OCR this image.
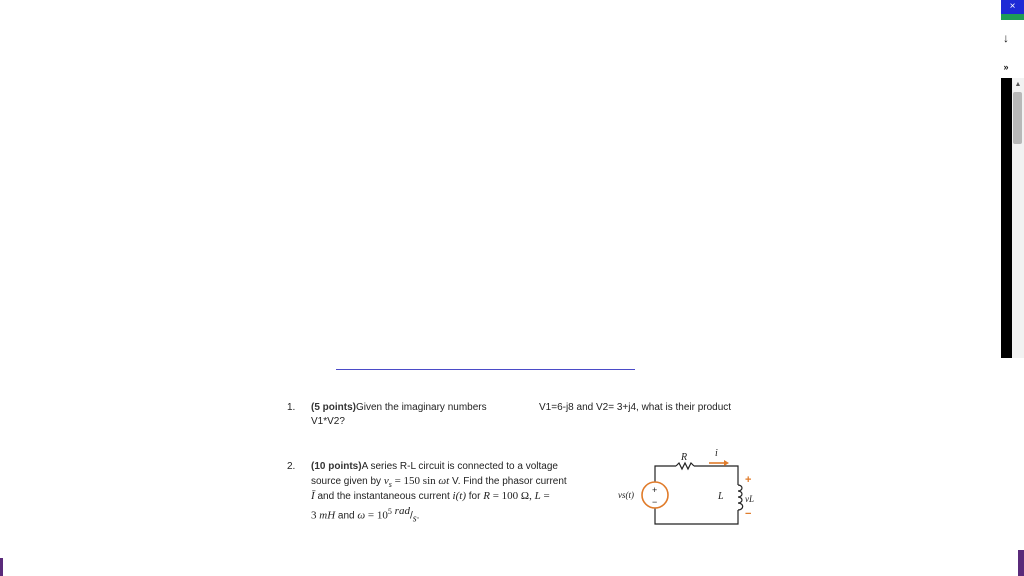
×
↓
»
▲
1. (5 points)Given the imaginary numbers	V1=6-j8 and V2= 3+j4, what is their product
V1*V2?
2. (10 points)A series R-L circuit is connected to a voltage
source given by $v_s = 150$ sin ωt V. Find the phasor current
Ī and the instantaneous current i(t) for R = 100 Ω, L =
3 mH and $\omega = 10^5$ $^{rad}/_s$.
R	i
vs(t) +
−	L vL
+
−
